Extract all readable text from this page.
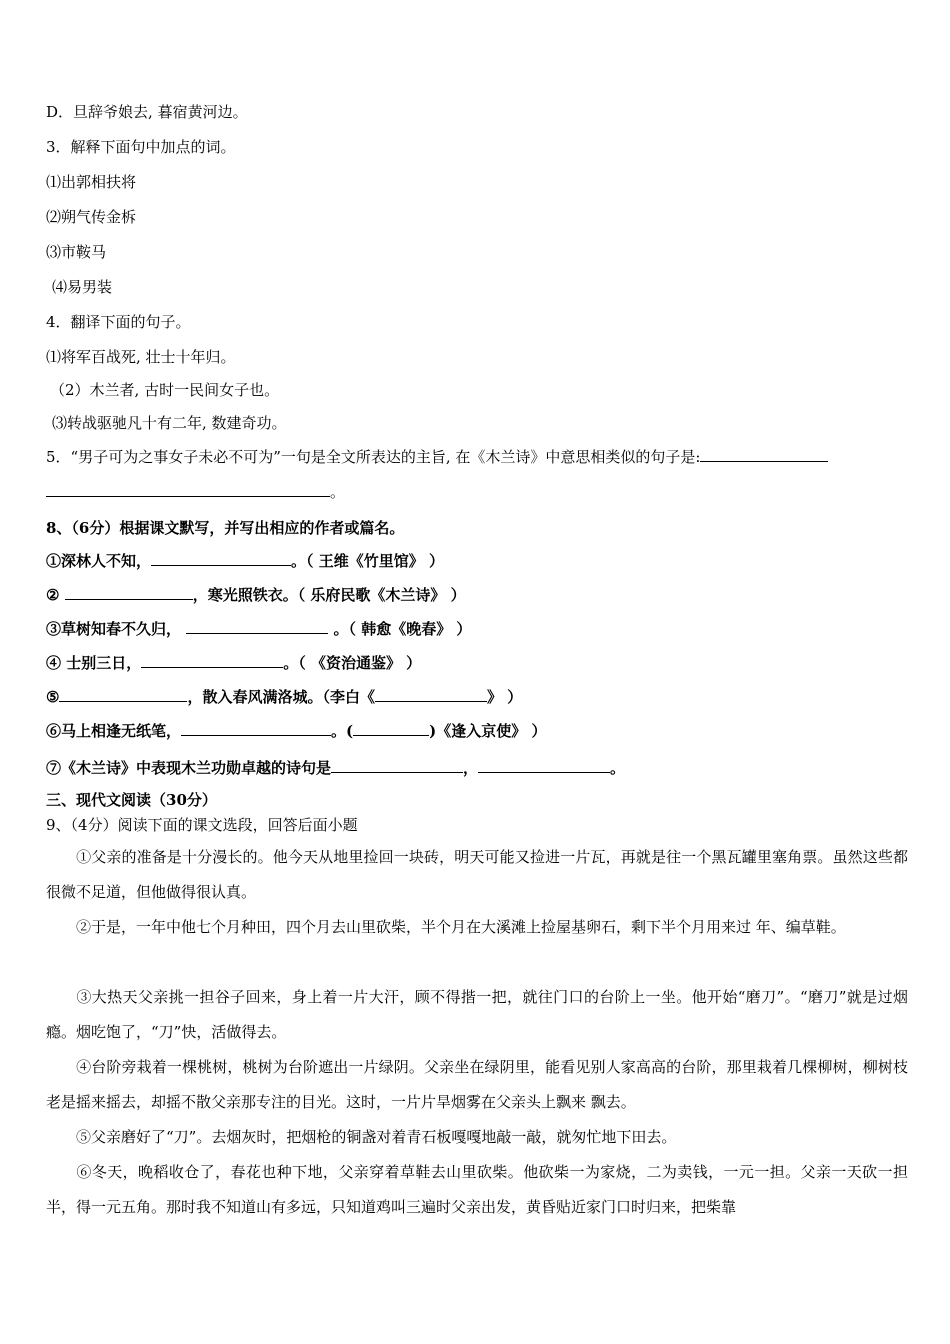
D．旦辞爷娘去, 暮宿黄河边。
3．解释下面句中加点的词。
⑴出郭相扶将
⑵朔气传金柝
⑶市鞍马
⑷易男装
4．翻译下面的句子。
⑴将军百战死, 壮士十年归。
（2）木兰者, 古时一民间女子也。
⑶转战驱驰凡十有二年, 数建奇功。
5．“男子可为之事女子未必不可为”一句是全文所表达的主旨, 在《木兰诗》中意思相类似的句子是:
。
8、（6分）根据课文默写，并写出相应的作者或篇名。
①深林人不知，	。（ 王维《竹里馆》 ）
②	，寒光照铁衣。（ 乐府民歌《木兰诗》 ）
③草树知春不久归，	。（ 韩愈《晚春》 ）
④ 士别三日，	。（ 《资治通鉴》 ）
⑤	，散入春风满洛城。（李白《	》 ）
⑥马上相逢无纸笔，	。(	)《逢入京使》 ）
⑦《木兰诗》中表现木兰功勋卓越的诗句是	，	。
三、现代文阅读（30分）
9、（4分）阅读下面的课文选段，回答后面小题
①父亲的准备是十分漫长的。他今天从地里捡回一块砖，明天可能又捡进一片瓦，再就是往一个黑瓦罐里塞角票。虽然这些都很微不足道，但他做得很认真。
②于是，一年中他七个月种田，四个月去山里砍柴，半个月在大溪滩上捡屋基卵石，剩下半个月用来过 年、编草鞋。
③大热天父亲挑一担谷子回来，身上着一片大汗，顾不得揩一把，就往门口的台阶上一坐。他开始“磨刀”。“磨刀”就是过烟瘾。烟吃饱了，“刀”快，活做得去。
④台阶旁栽着一棵桃树，桃树为台阶遮出一片绿阴。父亲坐在绿阴里，能看见别人家高高的台阶，那里栽着几棵柳树，柳树枝老是摇来摇去，却摇不散父亲那专注的目光。这时，一片片旱烟雾在父亲头上飘来 飘去。
⑤父亲磨好了“刀”。去烟灰时，把烟枪的铜盏对着青石板嘎嘎地敲一敲，就匆忙地下田去。
⑥冬天，晚稻收仓了，春花也种下地，父亲穿着草鞋去山里砍柴。他砍柴一为家烧，二为卖钱，一元一担。父亲一天砍一担半，得一元五角。那时我不知道山有多远，只知道鸡叫三遍时父亲出发，黄昏贴近家门口时归来，把柴靠
